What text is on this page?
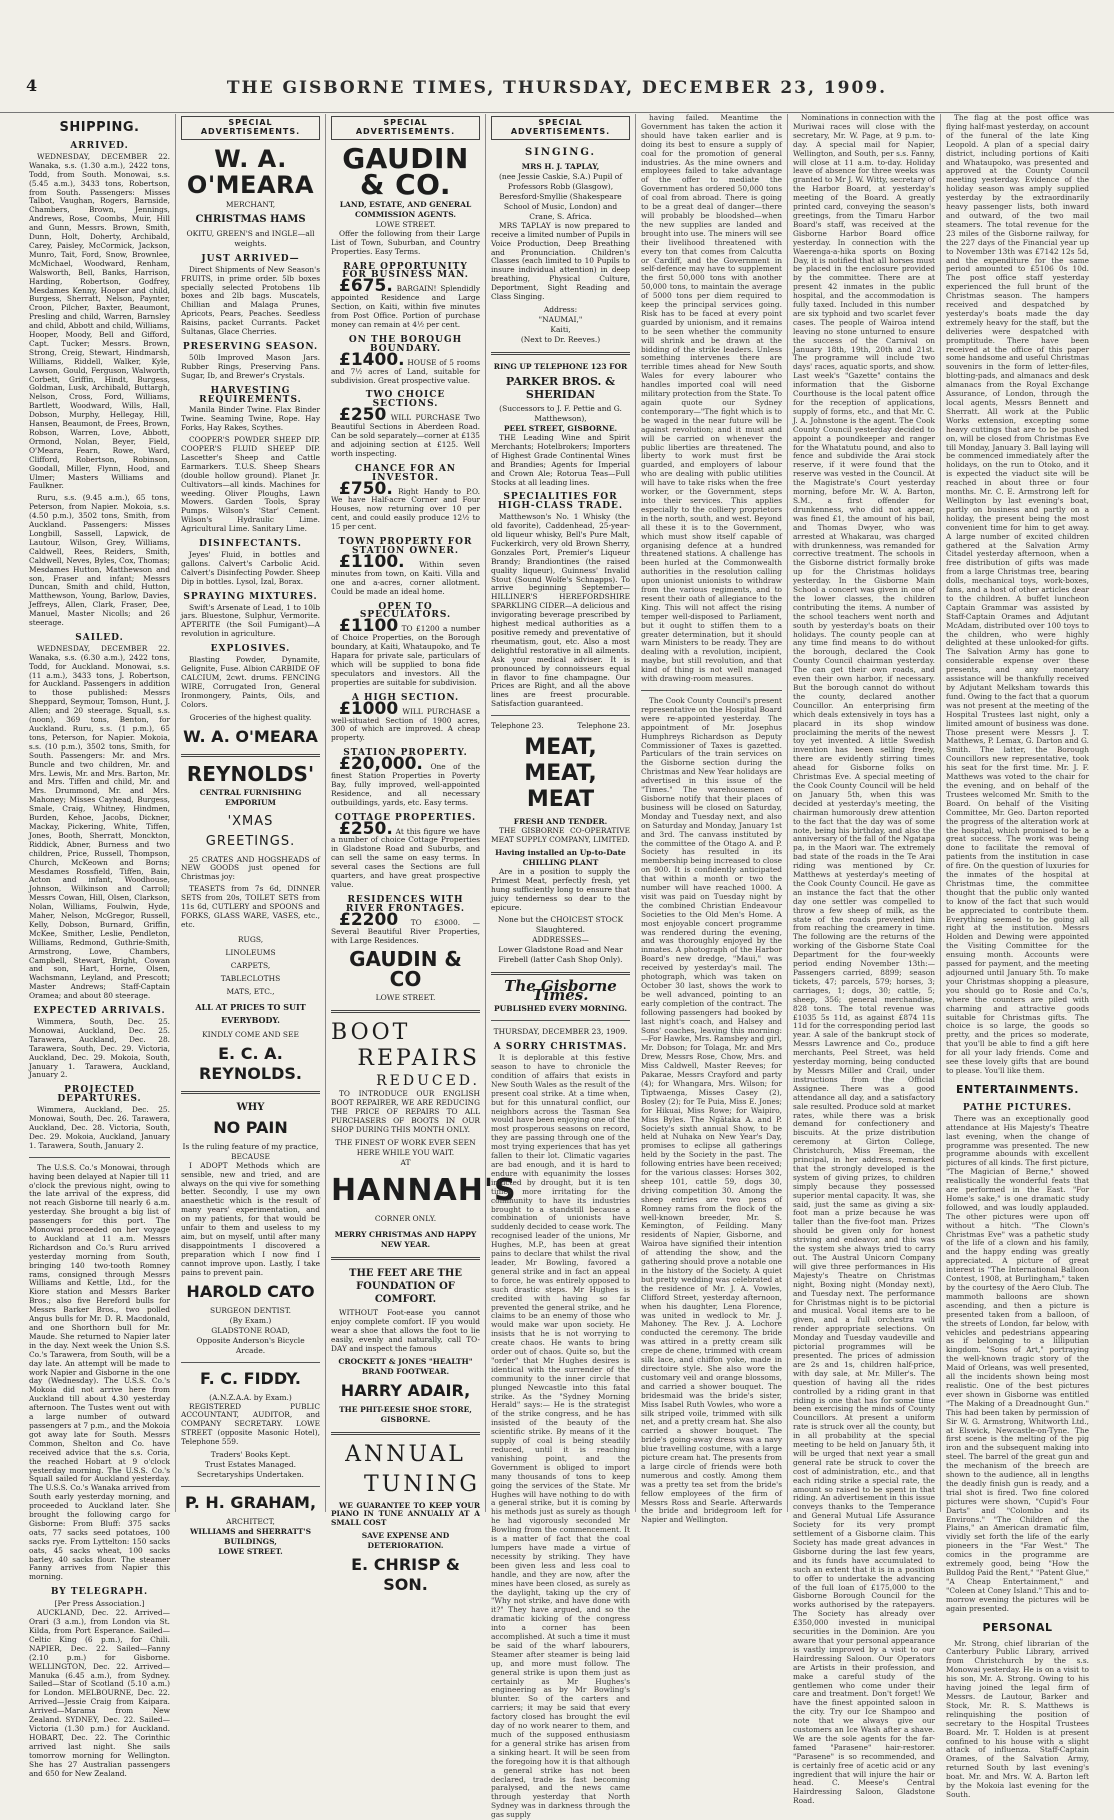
4	THE GISBORNE TIMES, THURSDAY, DECEMBER 23, 1909.
SHIPPING.
ARRIVED.

WEDNESDAY, DECEMBER 22. Wanaka, s.s. (1.30 a.m.), 2422 tons, Todd, from South. Monowai, s.s. (5.45 a.m.), 3433 tons, Robertson, from South. Passengers: Misses Talbot, Vaughan, Rogers, Barnside, Chambers, Brown, Jennings, Andrews, Rose, Coombs, Muir, Hill and Gunn, Messrs. Brown, Smith, Dunn, Holt, Doherty, Archibald, Carey, Paisley, McCormick, Jackson, Munro, Tait, Ford, Snow, Brownlee, McMichael, Woodward, Renham, Walsworth, Bell, Banks, Harrison, Harding, Robertson, Godfrey, Mesdames Kenny, Hooper and child, Burgess, Sherratt, Nelson, Paynter, Croon, Pilcher, Baxter, Beaumont, Presling and child, Warren, Barnsley and child, Abbott and child, Williams, Hooper, Moody, Bell and Gifford, Capt. Tucker; Messrs. Brown, Strong, Creig, Stewart, Hindmarsh, Williams, Riddell, Walker, Kyle, Lawson, Gould, Ferguson, Walworth, Corbett, Griffin, Hindt, Burgess, Goldman, Lusk, Archibald, Buttargh, Nelson, Cross, Ford, Williams, Bartlett, Woodward, Wills, Hall, Dobson, Murphy, Hellegay, Hill, Hansen, Beaumont, de Frees, Brown, Robson, Warren, Love, Abbott, Ormond, Nolan, Beyer, Field, O'Meara, Fearn, Rowe, Ward, Clifford, Robertson, Robinson, Goodall, Miller, Flynn, Hood, and Ulmer; Masters Williams and Faulkner.

Ruru, s.s. (9.45 a.m.), 65 tons, Peterson, from Napier. Mokoia, s.s. (4.50 p.m.), 3502 tons, Smith, from Auckland. Passengers: Misses Longbill, Sassell, Lapwick, de Lautour, Wilson, Grey, Williams, Caldwell, Rees, Reiders, Smith, Caldwell, Neves, Byles, Cox, Thomas; Mesdames Hutton, Matthewson and son, Fraser and infant; Messrs Duncan, Smith and child, Hutton, Matthewson, Young, Barlow, Davies, Jeffreys, Allen, Clark, Fraser, Dee, Manuel, Master Nicolls; and 26 steerage.

SAILED.

WEDNESDAY, DECEMBER 22. Wanaka, s.s. (6.30 a.m.), 2422 tons, Todd, for Auckland. Monowai, s.s. (11 a.m.), 3433 tons, J. Robertson, for Auckland. Passengers in addition to those published: Messrs Sheppard, Seymour, Tomson, Hunt, J. Allen; and 20 steerage. Squall, s.s. (noon), 369 tons, Benton, for Auckland. Ruru, s.s. (1 p.m.), 65 tons, Peterson, for Napier. Mokoia, s.s. (10 p.m.), 3502 tons, Smith, for South. Passengers: Mr. and Mrs. Buncle and two children, Mr. and Mrs. Lewis, Mr. and Mrs. Barton, Mr. and Mrs. Tiffen and child, Mr. and Mrs. Drummond, Mr. and Mrs. Mahoney; Misses Cayhead, Burgess, Smale, Craig, Whitney, Hindmen, Burden, Kehoe, Jacobs, Dickner, Mackay, Pickering, White, Tiffen, Jones, Booth, Sherratt, Monckton, Riddick, Abner, Burness and two children, Price, Russell, Thompson, Church, McKeown and Borns; Mesdames Rossfield, Tiffen, Bain, Acton and infant, Woodhouse, Johnson, Wilkinson and Carroll; Messrs Cowan, Hill, Olsen, Clarkson, Nolan, Williams, Foulwin, Hyde, Maher, Nelson, McGregor, Russell, Kelly, Dobson, Burnard, Griffin, McKee, Smither, Leslie, Pendleton, Williams, Redmond, Guthrie-Smith, Armstrong, Lowe, Chambers, Campbell, Stewart, Bright, Cowan and son, Hart, Horne, Olsen, Wachsmann, Leyland, and Prescott; Master Andrews; Staff-Captain Oramea; and about 80 steerage.

EXPECTED ARRIVALS.

Wimmera, South, Dec. 25. Monowai, Auckland, Dec. 25. Tarawera, Auckland, Dec. 28. Tarawera, South, Dec. 29. Victoria, Auckland, Dec. 29. Mokoia, South, January 1. Tarawera, Auckland, January 2.

PROJECTED DEPARTURES.

Wimmera, Auckland, Dec. 25. Monowai, South, Dec. 26. Tarawera, Auckland, Dec. 28. Victoria, South, Dec. 29. Mokoia, Auckland, January 1. Tarawera, South, January 2.

The U.S.S. Co.'s Monowai, through having been delayed at Napier till 11 o'clock the previous night, owing to the late arrival of the express, did not reach Gisborne till nearly 6 a.m. yesterday. She brought a big list of passengers for this port. The Monowai proceeded on her voyage to Auckland at 11 a.m. Messrs Richardson and Co.'s Ruru arrived yesterday morning from South, bringing 140 two-tooth Romney rams, consigned through Messrs Williams and Kettle, Ltd., for the Kiore station and Messrs Barker Bros.; also five Hereford bulls for Messrs Barker Bros., two polled Angus bulls for Mr. D. R. Macdonald, and one Shorthorn bull for Mr. Maude. She returned to Napier later in the day. Next week the Union S.S. Co.'s Tarawera, from South, will be a day late. An attempt will be made to work Napier and Gisborne in the one day (Wednesday). The U.S.S. Co.'s Mokoia did not arrive here from Auckland till about 4.30 yesterday afternoon. The Tustes went out with a large number of outward passengers at 7 p.m., and the Mokoia got away late for South. Messrs Common, Shelton and Co. have received advice that the s.s. Coria, the reached Hobart at 9 o'clock yesterday morning. The U.S.S. Co.'s Squall sailed for Auckland yesterday. The U.S.S. Co.'s Wanaka arrived from South early yesterday morning, and proceeded to Auckland later. She brought the following cargo for Gisborne: From Bluff: 375 sacks oats, 77 sacks seed potatoes, 100 sacks rye. From Lyttelton: 150 sacks oats, 45 sacks wheat, 100 sacks barley, 40 sacks flour. The steamer Fanny arrives from Napier this morning.

BY TELEGRAPH.
[Per Press Association.]

AUCKLAND, Dec. 22. Arrived—Orari (3 a.m.), from London via St. Kilda, from Port Esperance. Sailed—Celtic King (6 p.m.), for Chili. NAPIER, Dec. 22. Sailed—Fanny (2.10 p.m.) for Gisborne. WELLINGTON, Dec. 22. Arrived—Manuka (6.45 a.m.), from Sydney. Sailed—Star of Scotland (5.10 a.m.) for London. MELBOURNE, Dec. 22. Arrived—Jessie Craig from Kaipara. Arrived—Marama from New Zealand. SYDNEY, Dec. 22. Sailed—Victoria (1.30 p.m.) for Auckland. HOBART, Dec. 22. The Corinthic arrived last night. She sails tomorrow morning for Wellington. She has 27 Australian passengers and 650 for New Zealand.

SPECIAL ADVERTISEMENTS.
W. A. O'MEARA
MERCHANT,
CHRISTMAS HAMS
OKITU, GREEN'S and INGLE—all weights.
JUST ARRIVED—

Direct Shipments of New Season's FRUITS, in prime order. 5lb boxes specially selected Protobens 1lb boxes and 2lb bags. Muscatels, Chillian and Malaga Prunes, Apricots, Pears, Peaches. Seedless Raisins, packet Currants. Packet Sultanas, Glace Cherries.

PRESERVING SEASON.

50lb Improved Mason Jars. Rubber Rings, Preserving Pans. Sugar, Ib, and Brewer's Crystals.

HARVESTING REQUIREMENTS.

Manila Binder Twine. Flax Binder Twine. Seaming Twine, Rope. Hay Forks, Hay Rakes, Scythes.

COOPER'S POWDER SHEEP DIP. COOPER'S FLUID SHEEP DIP. Lascetter's Sheep and Cattle Earmarkers. T.U.S. Sheep Shears (double hollow ground). Planet Jr. Cultivators—all kinds. Machines for weeding. Oliver Ploughs, Lawn Mowers. Garden Tools, Spray Pumps. Wilson's 'Star' Cement. Wilson's Hydraulic Lime. Agricultural Lime. Sanitary Lime.

DISINFECTANTS.

Jeyes' Fluid, in bottles and gallons. Calvert's Carbolic Acid. Calvert's Disinfecting Powder. Sheep Dip in bottles. Lysol, Izal, Borax.

SPRAYING MIXTURES.

Swift's Arsenate of Lead, 1 to 10lb jars. Bluestone, Sulphur, Vermorite. APTERITE (the Soil Fumigant)—A revolution in agriculture.

EXPLOSIVES.

Blasting Powder, Dynamite, Gelignite, Fuse. Albion CARBIDE OF CALCIUM, 2cwt. drums. FENCING WIRE, Corrugated Iron, General Ironmongery, Paints, Oils, and Colors.

Groceries of the highest quality.
W. A. O'MEARA
REYNOLDS'
CENTRAL FURNISHING EMPORIUM
'XMAS GREETINGS.

25 CRATES AND HOGSHEADS of NEW GOODS just opened for Christmas joy:

TEASETS from 7s 6d, DINNER SETS from 20s, TOILET SETS from 11s 6d, CUTLERY and SPOONS and FORKS, GLASS WARE, VASES, etc., etc.

RUGS,
LINOLEUMS
CARPETS,
TABLECLOTHS
MATS, ETC.,
ALL AT PRICES TO SUIT EVERYBODY.
KINDLY COME AND SEE
E. C. A. REYNOLDS.
WHY
NO PAIN
Is the ruling feature of my practice, BECAUSE

I ADOPT Methods which are sensible, new and tried, and are always on the qui vive for something better. Secondly, I use my own anaesthetic which is the result of many years' experimentation, and on my patients, for that would be unfair to them and useless to my aim, but on myself, until after many disappointments I discovered a preparation which I now find I cannot improve upon. Lastly, I take pains to prevent pain.

HAROLD CATO
SURGEON DENTIST.
(By Exam.)
GLADSTONE ROAD,
Opposite Anderson's Bicycle Arcade.
F. C. FIDDY.
(A.N.Z.A.A. by Exam.)

REGISTERED PUBLIC ACCOUNTANT, AUDITOR, and COMPANY SECRETARY. LOWE STREET (opposite Masonic Hotel), Telephone 559.

Traders' Books Kept.
Trust Estates Managed.
Secretaryships Undertaken.
P. H. GRAHAM,
ARCHITECT,
WILLIAMS and SHERRATT'S BUILDINGS,
LOWE STREET.
SPECIAL ADVERTISEMENTS.
GAUDIN & CO.
LAND, ESTATE, AND GENERAL COMMISSION AGENTS.
LOWE STREET.

Offer the following from their Large List of Town, Suburban, and Country Properties. Easy Terms.

RARE OPPORTUNITY FOR BUSINESS MAN.

£675. BARGAIN! Splendidly appointed Residence and Large Section, on Kaiti, within five minutes from Post Office. Portion of purchase money can remain at 4½ per cent.

ON THE BOROUGH BOUNDARY.

£1400. HOUSE of 5 rooms and 7½ acres of Land, suitable for subdivision. Great prospective value.

TWO CHOICE SECTIONS.

£250 WILL PURCHASE Two Beautiful Sections in Aberdeen Road. Can be sold separately—corner at £135 and adjoining section at £125. Well worth inspecting.

CHANCE FOR AN INVESTOR.

£750. Right Handy to P.O. We have Half-acre Corner and Four Houses, now returning over 10 per cent, and could easily produce 12½ to 15 per cent.

TOWN PROPERTY FOR STATION OWNER.

£1100. Within seven minutes from town, on Kaiti. Villa and one and a-acres, corner allotment. Could be made an ideal home.

OPEN TO SPECULATORS.

£1100 TO £1200 a number of Choice Properties, on the Borough boundary, at Kaiti, Whataupoko, and Te Hapara for private sale, particulars of which will be supplied to bona fide speculators and investors. All the properties are suitable for subdivision.

A HIGH SECTION.

£1000 WILL PURCHASE a well-situated Section of 1900 acres, 300 of which are improved. A cheap property.

STATION PROPERTY.

£20,000. One of the finest Station Properties in Poverty Bay, fully improved, well-appointed Residence, and all necessary outbuildings, yards, etc. Easy terms.

COTTAGE PROPERTIES.

£250. At this figure we have a number of choice Cottage Properties in Gladstone Road and Suburbs, and can sell the same on easy terms. In several cases the Sections are full quarters, and have great prospective value.

RESIDENCES WITH RIVER FRONTAGES.

£2200 TO £3000. — Several Beautiful River Properties, with Large Residences.

GAUDIN & CO
LOWE STREET.
BOOT
REPAIRS
REDUCED.

TO INTRODUCE OUR ENGLISH BOOT REPAIRER, WE ARE REDUCING THE PRICE OF REPAIRS TO ALL PURCHASERS OF BOOTS IN OUR SHOP DURING THIS MONTH ONLY.

THE FINEST OF WORK EVER SEEN HERE WHILE YOU WAIT.
AT
HANNAH'S
CORNER ONLY.
MERRY CHRISTMAS AND HAPPY NEW YEAR.
THE FEET ARE THE FOUNDATION OF COMFORT.

WITHOUT Foot-ease you cannot enjoy complete comfort. IF you would wear a shoe that allows the foot to lie easily, evenly and naturally, call TO-DAY and inspect the famous

CROCKETT & JONES "HEALTH" BRAND FOOTWEAR.
HARRY ADAIR,
THE PHIT-EESIE SHOE STORE, GISBORNE.
ANNUAL
TUNING

WE GUARANTEE TO KEEP YOUR PIANO IN TUNE ANNUALLY AT A SMALL COST

SAVE EXPENSE AND DETERIORATION.
E. CHRISP & SON.
SPECIAL ADVERTISEMENTS.
SINGING.
MRS H. J. TAPLAY,
(nee Jessie Caskie, S.A.) Pupil of Professors Robb (Glasgow), Beresford-Smyllie (Shakespeare School of Music, London) and Crane, S. Africa.

MRS TAPLAY is now prepared to receive a limited number of Pupils in Voice Production, Deep Breathing and Pronunciation. Children's Classes (each limited to 10 Pupils to insure individual attention) in deep breathing, Physical Culture, Deportment, Sight Reading and Class Singing.

Address:
"NAUMAI,"
Kaiti,
(Next to Dr. Reeves.)
RING UP TELEPHONE 123 FOR
PARKER BROS. & SHERIDAN
(Successors to J. F. Pettie and G. Matthewson),
PEEL STREET, GISBORNE.

THE Leading Wine and Spirit Merchants; Hotelbrokers; Importers of Highest Grade Continental Wines and Brandies; Agents for Imperial and Crown Ale; Rotorua Teas—Full Stocks at all leading lines.

SPECIALITIES FOR HIGH-CLASS TRADE.

Matthewson's No. 1 Whisky (the old favorite), Caddenhead, 25-year-old liqueur whisky, Bell's Pure Malt, Fuckerkirch, very old Brown Sherry, Gonzales Port, Premier's Liqueur Brandy; Brandiontines (the raised quality liqueur), Guinness' Invalid Stout (Sound Wolfe's Schnapps). To arrive beginning September—HILLINER'S HEREFORDSHIRE SPARKLING CIDER—A delicious and invigorating beverage prescribed by highest medical authorities as a positive remedy and preventative of rheumatism, gout, etc. Also a most delightful restorative in all ailments. Ask your medical adviser. It is pronounced by connoisseurs equal in flavor to fine champagne. Our Prices are Right, and all the above lines are freest procurable. Satisfaction guaranteed.

Telephone 23.	Telephone 23.
MEAT, MEAT, MEAT
FRESH AND TENDER.

THE GISBORNE CO-OPERATIVE MEAT SUPPLY COMPANY, LIMITED.

Having installed an Up-to-Date CHILLING PLANT

Are in a position to supply the Primest Meat, perfectly fresh, yet hung sufficiently long to ensure that juicy tenderness so dear to the epicure.

None but the CHOICEST STOCK Slaughtered.
ADDRESSES—
Lower Gladstone Road and Near Firebell (latter Cash Shop Only).
The Gisborne Times.
PUBLISHED EVERY MORNING.
THURSDAY, DECEMBER 23, 1909.
A SORRY CHRISTMAS.

It is deplorable at this festive season to have to chronicle the condition of affairs that exists in New South Wales as the result of the present coal strike. At a time when, but for this unnatural conflict, our neighbors across the Tasman Sea would have been enjoying one of the most prosperous seasons on record, they are passing through one of the most trying experiences that has yet fallen to their lot. Climatic vagaries are bad enough, and it is hard to endure with equanimity the losses inflicted by drought, but it is ten times more irritating for the community to have its industries brought to a standstill because a combination of unionists have suddenly decided to cease work. The recognised leader of the unions, Mr Hughes, M.P., has been at great pains to declare that whilst the rival leader, Mr Bowling, favored a general strike and in fact an appeal to force, he was entirely opposed to such drastic steps. Mr Hughes is credited with having so far prevented the general strike, and he claims to be an enemy of those who would make war upon society. He insists that he is not worrying to create chaos. He wants to bring order out of chaos. Quite so, but the "order" that Mr Hughes desires is identical with the surrender of the community to the inner circle that plunged Newcastle into this fatal strike. As the "Sydney Morning Herald" says:— He is the strategist of the strike congress, and he has insisted of the beauty of the scientific strike. By means of it the supply of coal is being steadily reduced, until it is reaching vanishing point, and the Government is obliged to import many thousands of tons to keep going the services of the State. Mr Hughes will have nothing to do with a general strike, but it is coming by his methods just as surely as though he had vigorously seconded Mr Bowling from the commencement. It is a matter of fact that the coal lumpers have made a virtue of necessity by striking. They have been given less and less coal to handle, and they are now, after the mines have been closed, as surely as the daylight, taking up the cry of "Why not strike, and have done with it?" They have argued, and so the dramatic kicking of the congress into a corner has been accomplished. At such a time it must be said of the wharf labourers, Steamer after steamer is being laid up, and more must follow. The general strike is upon them just as certainly as Mr Hughes's engineering as by Mr Bowling's blunter. So of the carters and carriers; it may be said that every factory closed has brought the evil day of no work nearer to them, and much of the supposed enthusiasm for a general strike has arisen from a sinking heart. It will be seen from the foregoing how it is that although a general strike has not been declared, trade is fast becoming paralysed, and the news came through yesterday that North Sydney was in darkness through the gas supply

having failed. Meantime the Government has taken the action it should have taken earlier and is doing its best to ensure a supply of coal for the promotion of general industries. As the mine owners and employees failed to take advantage of the offer to mediate the Government has ordered 50,000 tons of coal from abroad. There is going to be a great deal of danger—there will probably be bloodshed—when the new supplies are landed and brought into use. The miners will see their livelihood threatened with every ton that comes from Calcutta or Cardiff, and the Government in self-defence may have to supplement the first 50,000 tons with another 50,000 tons, to maintain the average of 5000 tons per diem required to keep the principal services going. Risk has to be faced at every point guarded by unionism, and it remains to be seen whether the community will shrink and be drawn at the bidding of the strike leaders. Unless something intervenes there are terrible times ahead for New South Wales for every labourer who handles imported coal will need military protection from the State. To again quote our Sydney contemporary—"The fight which is to be waged in the near future will be against revolution; and it must and will be carried on whenever the public liberties are threatened. The liberty to work must first be guarded, and employers of labour who are dealing with public utilities will have to take risks when the free worker, or the Government, steps into their services. This applies especially to the colliery proprietors in the north, south, and west. Beyond all these it is to the Government, which must show itself capable of organising defence at a hundred threatened stations. A challenge has been hurled at the Commonwealth authorities in the resolution calling upon unionist unionists to withdraw from the various regiments, and to resent their oath of allegiance to the King. This will not affect the rising temper well-disposed to Parliament, but it ought to stiffen them to a greater determination, but it should warn Ministers to be ready. They are dealing with a revolution, incipient, maybe, but still revolution, and that kind of thing is not well managed with drawing-room measures.

The Cook County Council's present representative on the Hospital Board were re-appointed yesterday. The appointment of Mr. Josephus Humphreys Richardson as Deputy Commissioner of Taxes is gazetted. Particulars of the train services on the Gisborne section during the Christmas and New Year holidays are advertised in this issue of the "Times." The warehousemen of Gisborne notify that their places of business will be closed on Saturday, Monday and Tuesday next, and also on Saturday and Monday, January 1st and 3rd. The canvass instituted by the committee of the Otago A. and P. Society has resulted in its membership being increased to close on 900. It is confidently anticipated that within a month or two the number will have reached 1000. A visit was paid on Tuesday night by the combined Christian Endeavour Societies to the Old Men's Home. A most enjoyable concert programme was rendered during the evening, and was thoroughly enjoyed by the inmates. A photograph of the Harbor Board's new dredge, "Maui," was received by yesterday's mail. The photograph, which was taken on October 30 last, shows the work to be well advanced, pointing to an early completion of the contract. The following passengers had booked by last night's coach, and Halsey and Sons' coaches, leaving this morning:—For Hawke, Mrs. Ramsbey and girl, Mr. Dobson; for Tolaga, Mr. and Mrs Drew, Messrs Rose, Chow, Mrs. and Miss Caldwell, Master Reeves; for Pakarae, Messrs Crayford and party (4); for Whangara, Mrs. Wilson; for Tiptwaenga, Misses Casey (2), Bosley (2); for Te Puia, Miss E. Jones; for Hikuai, Miss Rowe; for Waipiro, Miss Byles. The Ngātaka A. and P. Society's sixth annual Show, to be held at Nuhaka on New Year's Day, promises to eclipse all gatherings held by the Society in the past. The following entries have been received; for the various classes: Horses 302, sheep 101, cattle 59, dogs 30, driving competition 30. Among the sheep entries are two pens of Romney rams from the flock of the well-known breeder, Mr. S. Kemington, of Feilding. Many residents of Napier, Gisborne, and Wairoa have signified their intention of attending the show, and the gathering should prove a notable one in the history of the Society. A quiet but pretty wedding was celebrated at the residence of Mr. J. A. Vowles, Clifford Street, yesterday afternoon, when his daughter, Lena Florence, was united in wedlock to Mr. J. Mahoney. The Rev. J. A. Lochore conducted the ceremony. The bride was attired in a pretty cream silk crepe de chene, trimmed with cream silk lace, and chiffon yoke, made in directoire style. She also wore the customary veil and orange blossoms, and carried a shower bouquet. The bridesmaid was the bride's sister, Miss Isabel Ruth Vowles, who wore a silk striped voile, trimmed with silk net, and a pretty cream hat. She also carried a shower bouquet. The bride's going-away dress was a navy blue travelling costume, with a large picture cream hat. The presents from a large circle of friends were both numerous and costly. Among them was a pretty tea set from the bride's fellow employees of the firm of Messrs Ross and Searle. Afterwards the bride and bridegroom left for Napier and Wellington.

Nominations in connection with the Muriwai races will close with the secretary, Mr. W. Page, at 9 p.m. to-day. A special mail for Napier, Wellington, and South, per s.s. Fanny, will close at 11 a.m. to-day. Holiday leave of absence for three weeks was granted to Mr J. W. Witty, secretary of the Harbor Board, at yesterday's meeting of the Board. A greatly printed card, conveying the season's greetings, from the Timaru Harbor Board's staff, was received at the Gisborne Harbor Board office yesterday. In connection with the Waerenga-a-hika sports on Boxing Day, it is notified that all horses must be placed in the enclosure provided by the committee. There are at present 42 inmates in the public hospital, and the accommodation is fully taxed. Included in this number are six typhoid and two scarlet fever cases. The people of Wairoa intend leaving no stone unturned to ensure the success of the Carnival on January 18th, 19th, 20th and 21st. The programme will include two days' races, aquatic sports, and show. Last week's "Gazette" contains the information that the Gisborne Courthouse is the local patent office for the reception of applications, supply of forms, etc., and that Mr. C. J. A. Johnstone is the agent. The Cook County Council yesterday decided to appoint a poundkeeper and ranger for the Whatatutu pound, and also to fence and subdivide the Arai stock reserve, if it were found that the reserve was vested in the Council. At the Magistrate's Court yesterday morning, before Mr. W. A. Barton, S.M., a first offender for drunkenness, who did not appear, was fined £1, the amount of his bail, and Thomas Dwyer, who was arrested at Whakarau, was charged with drunkenness, was remanded for corrective treatment. The schools in the Gisborne district formally broke up for the Christmas holidays yesterday. In the Gisborne Main School a concert was given in one of the lower classes, the children contributing the items. A number of the school teachers went north and south by yesterday's boats on their holidays. The county people can at any time find means to do without the borough, declared the Cook County Council chairman yesterday. The can get their own roads, and even their own harbor, if necessary. But the borough cannot do without the county, declared another Councillor. An enterprising firm which deals extensively in toys has a placard in its shop window proclaiming the merits of the newest toy yet invented. A little Swedish invention has been selling freely, there are evidently stirring times ahead for Gisborne folks on Christmas Eve. A special meeting of the Cook County Council will be held on January 5th, when this was decided at yesterday's meeting, the chairman humorously drew attention to the fact that the day was of some note, being his birthday, and also the anniversary of the fall of the Ngatapa pa, in the Maori war. The extremely bad state of the roads in the Te Arai riding was mentioned by Cr. Matthews at yesterday's meeting of the Cook County Council. He gave as an instance the fact that the other day one settler was compelled to throw a few sheep of milk, as the state of the roads prevented him from reaching the creamery in time. The following are the returns of the working of the Gisborne State Coal Department for the four-weekly period ending November 13th:—Passengers carried, 8899; season tickets, 47; parcels, 579; horses, 3; carriages, 1; dogs, 30; cattle, 5; sheep, 356; general merchandise, 828 tons. The total revenue was £1035 5s 11d, as against £874 11s 11d for the corresponding period last year. A sale of the bankrupt stock of Messrs Lawrence and Co., produce merchants, Peel Street, was held yesterday morning, being conducted by Messrs Miller and Crail, under instructions from the Official Assignee. There was a good attendance all day, and a satisfactory sale resulted. Produce sold at market rates, while there was a brisk demand for confectionery and biscuits. At the prize distribution ceremony at Girton College, Christchurch, Miss Freeman, the principal, in her address, remarked that the strongly developed is the system of giving prizes, to children simply because they possessed superior mental capacity. It was, she said, just the same as giving a six-foot man a prize because he was taller than the five-foot man. Prizes should be given only for honest striving and endeavor, and this was the system she always tried to carry out. The Austral Unicorn Company will give three performances in His Majesty's Theatre on Christmas night, Boxing night (Monday next), and Tuesday next. The performance for Christmas night is to be pictorial and musical. Vocal items are to be given, and a full orchestra will render appropriate selections. On Monday and Tuesday vaudeville and pictorial programmes will be presented. The prices of admission are 2s and 1s, children half-price, with day sale, at Mr. Miller's. The question of having all the rides controlled by a riding grant in that riding is one that has for some time been exercising the minds of County Councillors. At present a uniform rate is struck over all the county, but in all probability at the special meeting to be held on January 5th, it will be urged that next year a small general rate be struck to cover the cost of administration, etc., and that each riding strike a special rate, the amount so raised to be spent in that riding. An advertisement in this issue conveys thanks to the Temperance and General Mutual Life Assurance Society for its very prompt settlement of a Gisborne claim. This Society has made great advances in Gisborne during the last few years, and its funds have accumulated to such an extent that it is in a position to offer to undertake the advancing of the full loan of £175,000 to the Gisborne Borough Council for the works authorised by the ratepayers. The Society has already over £350,000 invested in municipal securities in the Dominion. Are you aware that your personal appearance is vastly improved by a visit to our Hairdressing Saloon. Our Operators are Artists in their profession, and make a careful study of the gentlemen who come under their care and treatment. Don't forget! We have the finest appointed saloon in the city. Try our Ice Shampoo and note that we always give our customers an Ice Wash after a shave. We are the sole agents for the far-famed "Parasene" hair-restorer. "Parasene" is so recommended, and is certainly free of acetic acid or any ingredient that will injure the hair or head. C. Meese's Central Hairdressing Saloon, Gladstone Road.

The flag at the post office was flying half-mast yesterday, on account of the funeral of the late King Leopold. A plan of a special dairy district, including portions of Kaiti and Whataupoko, was presented and approved at the County Council meeting yesterday. Evidence of the holiday season was amply supplied yesterday by the extraordinarily heavy passenger lists, both inward and outward, of the two mail steamers. The total revenue for the 23 miles of the Gisborne railway, for the 227 days of the Financial year up to November 13th was £7142 12s 5d, and the expenditure for the same period amounted to £5106 0s 10d. The post office staff yesterday experienced the full brunt of the Christmas season. The hampers received and despatched by yesterday's boats made the day extremely heavy for the staff, but the deliveries were despatched with promptitude. There have been received at the office of this paper some handsome and useful Christmas souvenirs in the form of letter-files, blotting-pads, and almanacs and desk almanacs from the Royal Exchange Assurance, of London, through the local agents, Messrs Bennett and Sherratt. All work at the Public Works extension, excepting some heavy cuttings that are to be pushed on, will be closed from Christmas Eve till Monday, January 3. Ball laying will be commenced immediately after the holidays, on the run to Otoko, and it is expected the viaduct site will be reached in about three or four months. Mr. C. E. Armstrong left for Wellington by last evening's boat, partly on business and partly on a holiday, the present being the most convenient time for him to get away. A large number of excited children gathered at the Salvation Army Citadel yesterday afternoon, when a free distribution of gifts was made from a large Christmas tree, bearing dolls, mechanical toys, work-boxes, fans, and a host of other articles dear to the children. A buffet luncheon Captain Grammar was assisted by Staff-Captain Orames and Adjutant McAdam, distributed over 100 toys to the children, who were highly delighted at these unlooked-for gifts. The Salvation Army has gone to considerable expense over these presents, and any monetary assistance will be thankfully received by Adjutant Melksham towards this fund. Owing to the fact that a quorum was not present at the meeting of the Hospital Trustees last night, only a limited amount of business was done. Those present were Messrs J. T. Matthews, P. Lemax, G. Darton and G. Smith. The latter, the Borough Councillors new representative, took his seat for the first time. Mr. J. F. Matthews was voted to the chair for the evening, and on behalf of the Trustees welcomed Mr. Smith to the Board. On behalf of the Visiting Committee, Mr. Geo. Darton reported the progress of the alteration work at the hospital, which promised to be a great success. The work was being done to facilitate the removal of patients from the institution in case of fire. On the question of luxuries for the inmates of the hospital at Christmas time, the committee thought that the public only wanted to know of the fact that such would be appreciated to contribute them. Everything seemed to be going all right at the institution. Messrs Holden and Dewing were appointed the Visiting Committee for the ensuing month. Accounts were passed for payment, and the meeting adjourned until January 5th. To make your Christmas shopping a pleasure, you should go to Rosie and Co.'s, where the counters are piled with charming and attractive goods suitable for Christmas gifts. The choice is so large, the goods so pretty, and the prices so moderate, that you'll be able to find a gift here for all your lady friends. Come and see these lovely gifts that are bound to please. You'll like them.

ENTERTAINMENTS.
PATHE PICTURES.

There was an exceptionally good attendance at His Majesty's Theatre last evening, when the change of programme was presented. The new programme abounds with excellent pictures of all kinds. The first picture, "The Magician of Berne," showed realistically the wonderful feats that are performed in the East. "For Home's sake," is one dramatic study followed, and was loudly applauded. The other pictures were upon off without a hitch. "The Clown's Christmas Eve" was a pathetic study of the life of a clown and his family, and the happy ending was greatly appreciated. A picture of great interest is "The International Balloon Contest, 1908, at Burlingham," taken by the courtesy of the Aero Club. The mammoth balloons are shown ascending, and then a picture is presented taken from a balloon, of the streets of London, far below, with vehicles and pedestrians appearing as if belonging to a lilliputian kingdom. "Sons of Art," portraying the well-known tragic story of the Maid of Orleans, was well presented, all the incidents shown being most realistic. One of the best pictures ever shown in Gisborne was entitled "The Making of a Dreadnought Gun." This had been taken by permission of Sir W. G. Armstrong, Whitworth Ltd., at Elswick, Newcastle-on-Tyne. The first scene is the melting of the pig iron and the subsequent making into steel. The barrel of the great gun and the mechanism of the breech are shown to the audience, all in lengths the deadly finish gun is ready, and a trial shot is fired. Two fine colored pictures were shown, "Cupid's Four Darts" and "Colombo and its Environs." "The Children of the Plains," an American dramatic film, vividly set forth the life of the early pioneers in the "Far West." The comics in the programme are extremely good, being "How the Bulldog Paid the Rent," "Patent Glue," "A Cheap Entertainment," and "Coleen at Coney Island." This and to-morrow evening the pictures will be again presented.

PERSONAL

Mr. Strong, chief librarian of the Canterbury Public Library, arrived from Christchurch by the s.s. Monowai yesterday. He is on a visit to his son, Mr. A. Strong. Owing to his having joined the legal firm of Messrs. de Lautour, Barker and Stock, Mr. R. S. Matthews is relinquishing the position of secretary to the Hospital Trustees Board. Mr. T. Holden is at present confined to his house with a slight attack of influenza. Staff-Captain Orames, of the Salvation Army, returned South by last evening's boat. Mr. and Mrs. W. A. Barton left by the Mokoia last evening for the South.
